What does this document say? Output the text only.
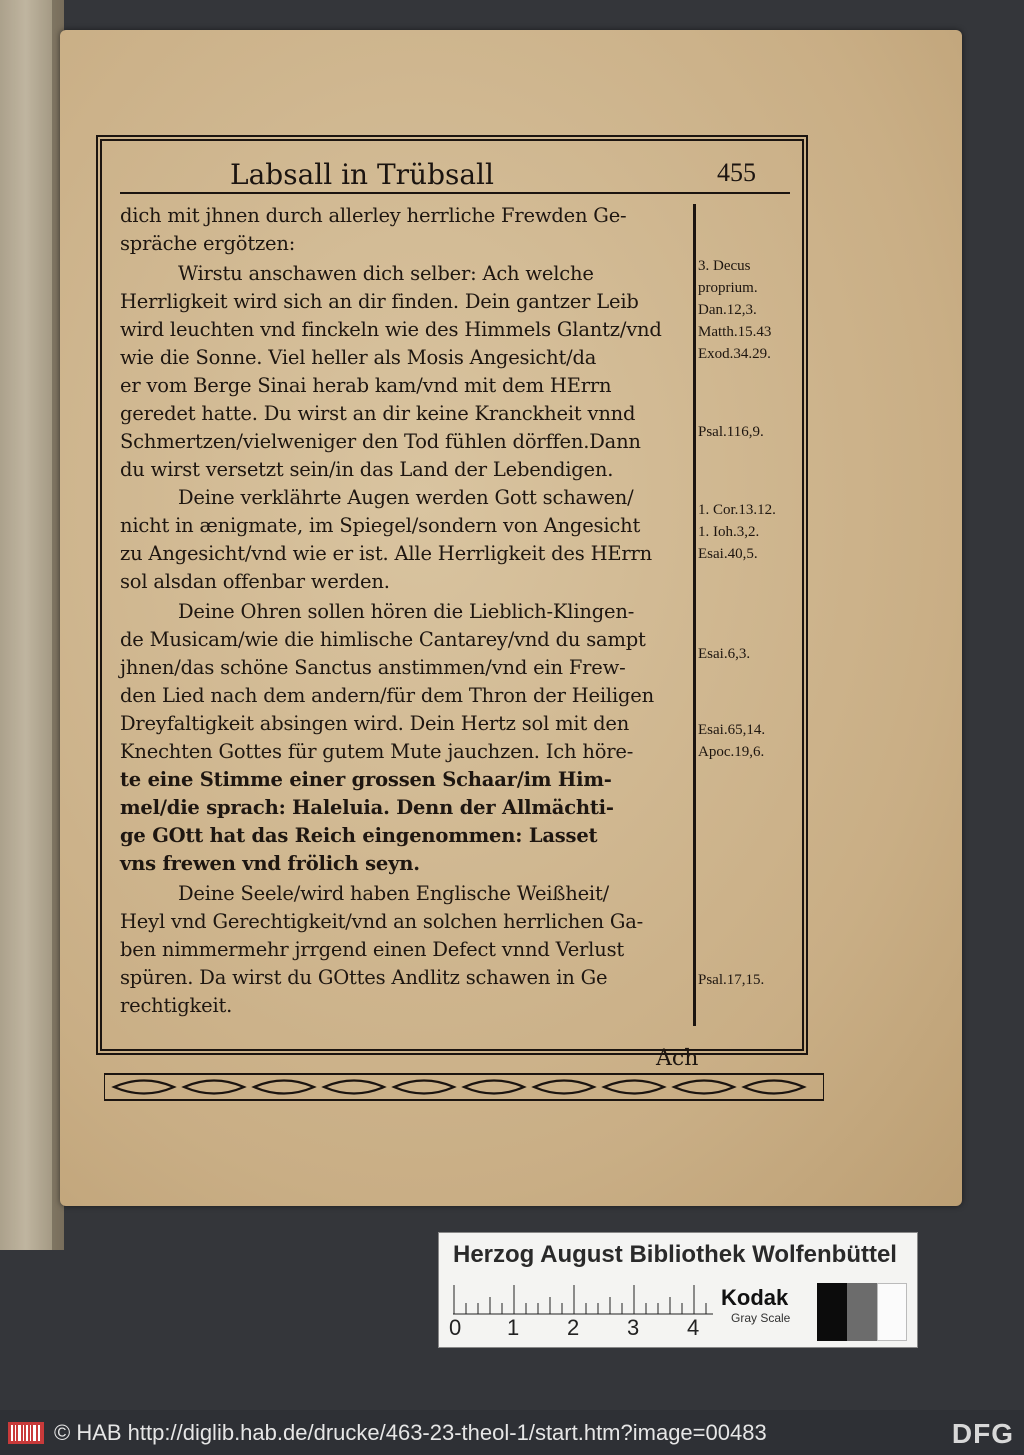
Labsall in Trübsall	455
dich mit jhnen durch allerley herrliche Frewden Ge-
spräche ergötzen:
Wirstu anschawen dich selber: Ach welche
Herrligkeit wird sich an dir finden. Dein gantzer Leib
wird leuchten vnd finckeln wie des Himmels Glantz/vnd
wie die Sonne. Viel heller als Mosis Angesicht/da
er vom Berge Sinai herab kam/vnd mit dem HErrn
geredet hatte. Du wirst an dir keine Kranckheit vnnd
Schmertzen/vielweniger den Tod fühlen dörffen.Dann
du wirst versetzt sein/in das Land der Lebendigen.
Deine verklährte Augen werden Gott schawen/
nicht in ænigmate, im Spiegel/sondern von Angesicht
zu Angesicht/vnd wie er ist. Alle Herrligkeit des HErrn
sol alsdan offenbar werden.
Deine Ohren sollen hören die Lieblich-Klingen-
de Musicam/wie die himlische Cantarey/vnd du sampt
jhnen/das schöne Sanctus anstimmen/vnd ein Frew-
den Lied nach dem andern/für dem Thron der Heiligen
Dreyfaltigkeit absingen wird. Dein Hertz sol mit den
Knechten Gottes für gutem Mute jauchzen. Ich höre-
te eine Stimme einer grossen Schaar/im Him-
mel/die sprach: Haleluia. Denn der Allmächti-
ge GOtt hat das Reich eingenommen: Lasset
vns frewen vnd frölich seyn.
Deine Seele/wird haben Englische Weißheit/
Heyl vnd Gerechtigkeit/vnd an solchen herrlichen Ga-
ben nimmermehr jrrgend einen Defect vnnd Verlust
spüren. Da wirst du GOttes Andlitz schawen in Ge
rechtigkeit.
3. Decus
proprium.
Dan.12,3.
Matth.15.43
Exod.34.29.
Psal.116,9.
1. Cor.13.12.
1. Ioh.3,2.
Esai.40,5.
Esai.6,3.
Esai.65,14.
Apoc.19,6.
Psal.17,15.
Ach
Herzog August Bibliothek Wolfenbüttel
0 1 2 3 4
Kodak
Gray Scale
© HAB http://diglib.hab.de/drucke/463-23-theol-1/start.htm?image=00483	DFG
